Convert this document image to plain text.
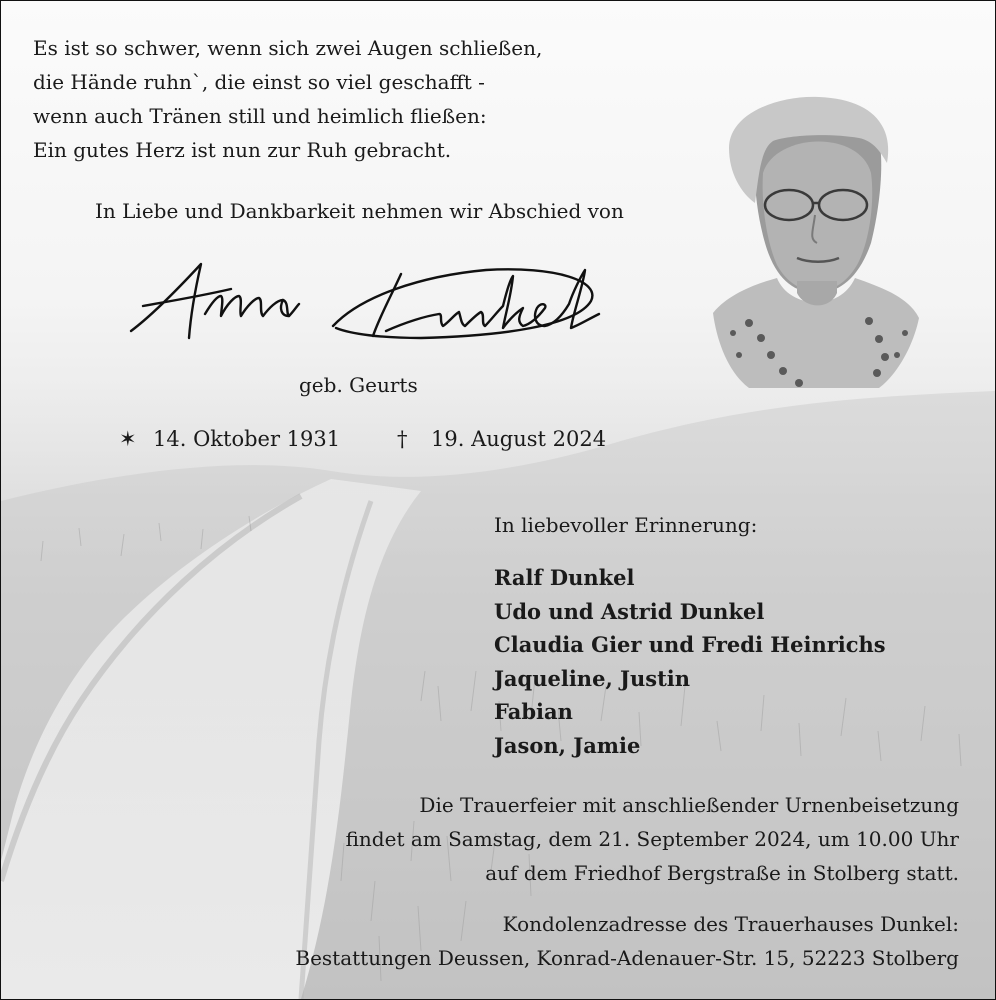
Es ist so schwer, wenn sich zwei Augen schließen,
die Hände ruhn`, die einst so viel geschafft -
wenn auch Tränen still und heimlich fließen:
Ein gutes Herz ist nun zur Ruh gebracht.
In Liebe und Dankbarkeit nehmen wir Abschied von
geb. Geurts
✶ 14. Oktober 1931	† 19. August 2024
In liebevoller Erinnerung:
Ralf Dunkel
Udo und Astrid Dunkel
Claudia Gier und Fredi Heinrichs
Jaqueline, Justin
Fabian
Jason, Jamie
Die Trauerfeier mit anschließender Urnenbeisetzung
findet am Samstag, dem 21. September 2024, um 10.00 Uhr
auf dem Friedhof Bergstraße in Stolberg statt.
Kondolenzadresse des Trauerhauses Dunkel:
Bestattungen Deussen, Konrad-Adenauer-Str. 15, 52223 Stolberg
